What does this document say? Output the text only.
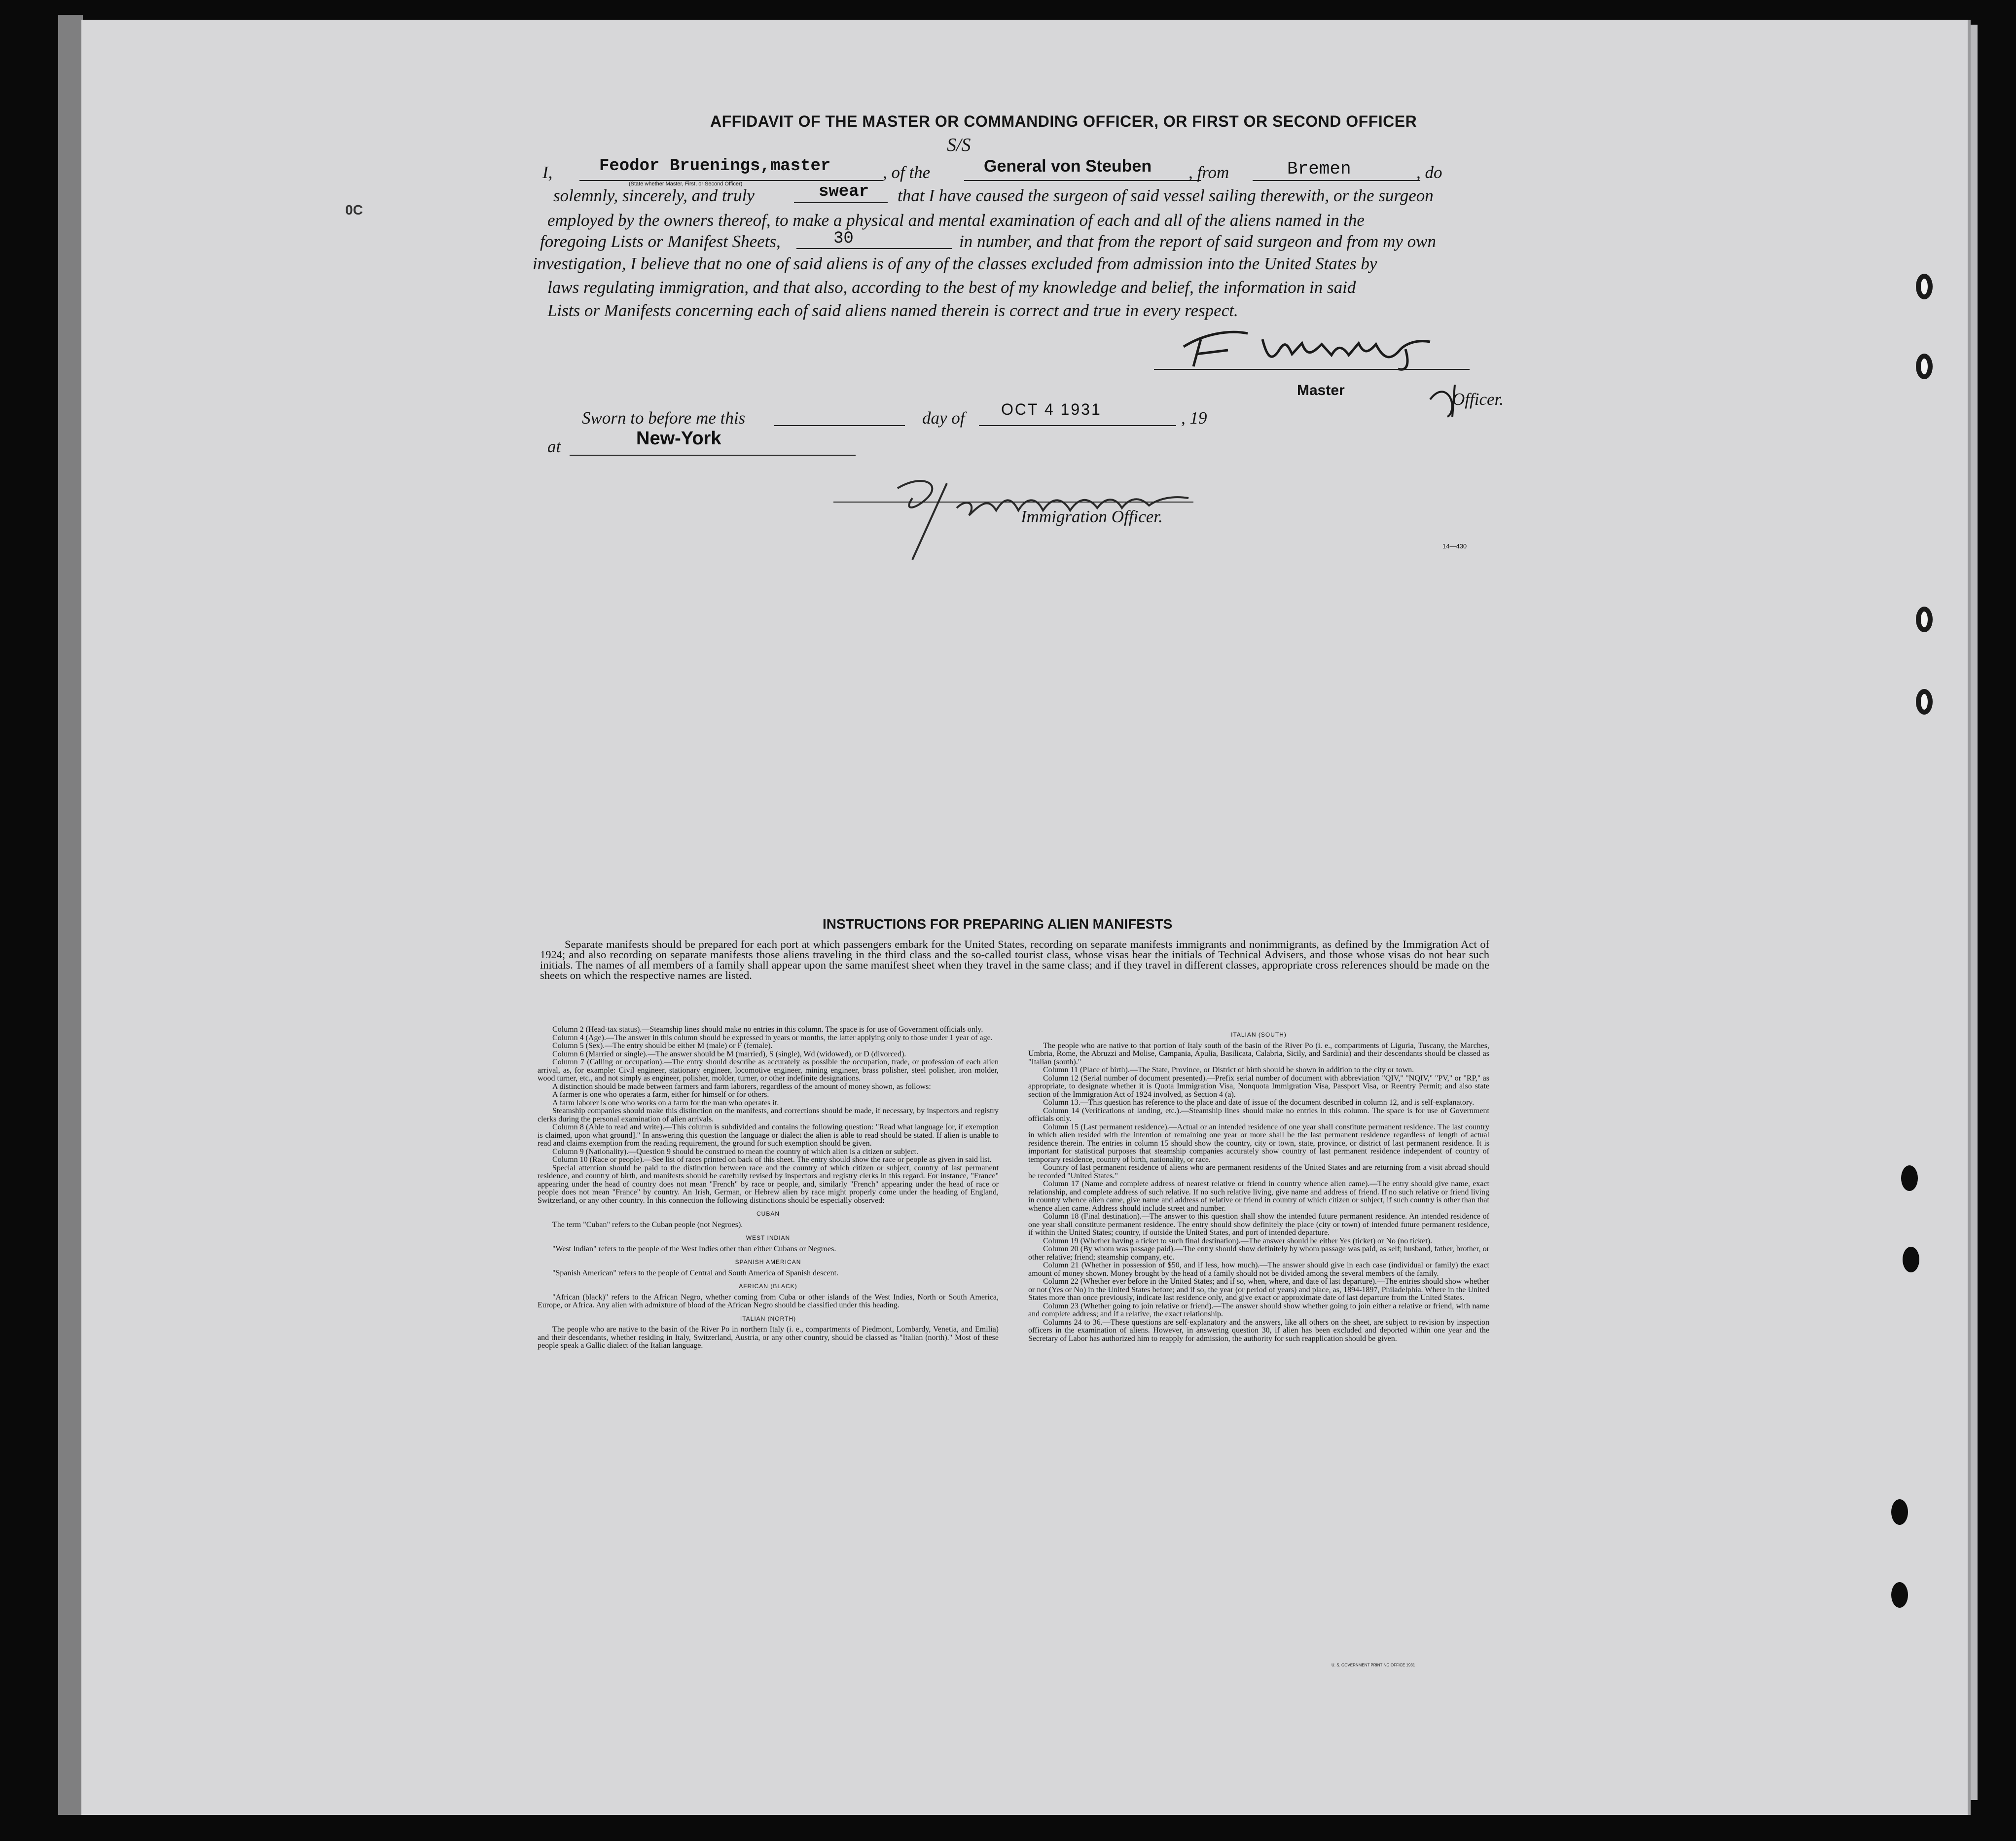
0C
AFFIDAVIT OF THE MASTER OR COMMANDING OFFICER, OR FIRST OR SECOND OFFICER
I,	Feodor Bruenings,master
(State whether Master, First, or Second Officer)
, of the
S/S
General von Steuben , from	Bremen	, do
solemnly, sincerely, and truly	swear that I have caused the surgeon of said vessel sailing therewith, or the surgeon
employed by the owners thereof, to make a physical and mental examination of each and all of the aliens named in the
foregoing Lists or Manifest Sheets,	30	in number, and that from the report of said surgeon and from my own
investigation, I believe that no one of said aliens is of any of the classes excluded from admission into the United States by
laws regulating immigration, and that also, according to the best of my knowledge and belief, the information in said
Lists or Manifests concerning each of said aliens named therein is correct and true in every respect.
Master	Officer.
Sworn to before me this	day of OCT 4 1931	, 19
at	New-York
Immigration Officer.
14—430
INSTRUCTIONS FOR PREPARING ALIEN MANIFESTS
Separate manifests should be prepared for each port at which passengers embark for the United States, recording on separate manifests immigrants and nonimmigrants, as defined by the Immigration Act of 1924; and also recording on separate manifests those aliens traveling in the third class and the so-called tourist class, whose visas bear the initials of Technical Advisers, and those whose visas do not bear such initials. The names of all members of a family shall appear upon the same manifest sheet when they travel in the same class; and if they travel in different classes, appropriate cross references should be made on the sheets on which the respective names are listed.

Column 2 (Head-tax status).—Steamship lines should make no entries in this column. The space is for use of Government officials only.

Column 4 (Age).—The answer in this column should be expressed in years or months, the latter applying only to those under 1 year of age.

Column 5 (Sex).—The entry should be either M (male) or F (female).

Column 6 (Married or single).—The answer should be M (married), S (single), Wd (widowed), or D (divorced).

Column 7 (Calling or occupation).—The entry should describe as accurately as possible the occupation, trade, or profession of each alien arrival, as, for example: Civil engineer, stationary engineer, locomotive engineer, mining engineer, brass polisher, steel polisher, iron molder, wood turner, etc., and not simply as engineer, polisher, molder, turner, or other indefinite designations.

A distinction should be made between farmers and farm laborers, regardless of the amount of money shown, as follows:

A farmer is one who operates a farm, either for himself or for others.

A farm laborer is one who works on a farm for the man who operates it.

Steamship companies should make this distinction on the manifests, and corrections should be made, if necessary, by inspectors and registry clerks during the personal examination of alien arrivals.

Column 8 (Able to read and write).—This column is subdivided and contains the following question: "Read what language [or, if exemption is claimed, upon what ground]." In answering this question the language or dialect the alien is able to read should be stated. If alien is unable to read and claims exemption from the reading requirement, the ground for such exemption should be given.

Column 9 (Nationality).—Question 9 should be construed to mean the country of which alien is a citizen or subject.

Column 10 (Race or people).—See list of races printed on back of this sheet. The entry should show the race or people as given in said list.

Special attention should be paid to the distinction between race and the country of which citizen or subject, country of last permanent residence, and country of birth, and manifests should be carefully revised by inspectors and registry clerks in this regard. For instance, "France" appearing under the head of country does not mean "French" by race or people, and, similarly "French" appearing under the head of race or people does not mean "France" by country. An Irish, German, or Hebrew alien by race might properly come under the heading of England, Switzerland, or any other country. In this connection the following distinctions should be especially observed:

CUBAN

The term "Cuban" refers to the Cuban people (not Negroes).

WEST INDIAN

"West Indian" refers to the people of the West Indies other than either Cubans or Negroes.

SPANISH AMERICAN

"Spanish American" refers to the people of Central and South America of Spanish descent.

AFRICAN (BLACK)

"African (black)" refers to the African Negro, whether coming from Cuba or other islands of the West Indies, North or South America, Europe, or Africa. Any alien with admixture of blood of the African Negro should be classified under this heading.

ITALIAN (NORTH)

The people who are native to the basin of the River Po in northern Italy (i. e., compartments of Piedmont, Lombardy, Venetia, and Emilia) and their descendants, whether residing in Italy, Switzerland, Austria, or any other country, should be classed as "Italian (north)." Most of these people speak a Gallic dialect of the Italian language.

ITALIAN (SOUTH)

The people who are native to that portion of Italy south of the basin of the River Po (i. e., compartments of Liguria, Tuscany, the Marches, Umbria, Rome, the Abruzzi and Molise, Campania, Apulia, Basilicata, Calabria, Sicily, and Sardinia) and their descendants should be classed as "Italian (south)."

Column 11 (Place of birth).—The State, Province, or District of birth should be shown in addition to the city or town.

Column 12 (Serial number of document presented).—Prefix serial number of document with abbreviation "QIV," "NQIV," "PV," or "RP," as appropriate, to designate whether it is Quota Immigration Visa, Nonquota Immigration Visa, Passport Visa, or Reentry Permit; and also state section of the Immigration Act of 1924 involved, as Section 4 (a).

Column 13.—This question has reference to the place and date of issue of the document described in column 12, and is self-explanatory.

Column 14 (Verifications of landing, etc.).—Steamship lines should make no entries in this column. The space is for use of Government officials only.

Column 15 (Last permanent residence).—Actual or an intended residence of one year shall constitute permanent residence. The last country in which alien resided with the intention of remaining one year or more shall be the last permanent residence regardless of length of actual residence therein. The entries in column 15 should show the country, city or town, state, province, or district of last permanent residence. It is important for statistical purposes that steamship companies accurately show country of last permanent residence independent of country of temporary residence, country of birth, nationality, or race.

Country of last permanent residence of aliens who are permanent residents of the United States and are returning from a visit abroad should be recorded "United States."

Column 17 (Name and complete address of nearest relative or friend in country whence alien came).—The entry should give name, exact relationship, and complete address of such relative. If no such relative living, give name and address of friend. If no such relative or friend living in country whence alien came, give name and address of relative or friend in country of which citizen or subject, if such country is other than that whence alien came. Address should include street and number.

Column 18 (Final destination).—The answer to this question shall show the intended future permanent residence. An intended residence of one year shall constitute permanent residence. The entry should show definitely the place (city or town) of intended future permanent residence, if within the United States; country, if outside the United States, and port of intended departure.

Column 19 (Whether having a ticket to such final destination).—The answer should be either Yes (ticket) or No (no ticket).

Column 20 (By whom was passage paid).—The entry should show definitely by whom passage was paid, as self; husband, father, brother, or other relative; friend; steamship company, etc.

Column 21 (Whether in possession of $50, and if less, how much).—The answer should give in each case (individual or family) the exact amount of money shown. Money brought by the head of a family should not be divided among the several members of the family.

Column 22 (Whether ever before in the United States; and if so, when, where, and date of last departure).—The entries should show whether or not (Yes or No) in the United States before; and if so, the year (or period of years) and place, as, 1894-1897, Philadelphia. Where in the United States more than once previously, indicate last residence only, and give exact or approximate date of last departure from the United States.

Column 23 (Whether going to join relative or friend).—The answer should show whether going to join either a relative or friend, with name and complete address; and if a relative, the exact relationship.

Columns 24 to 36.—These questions are self-explanatory and the answers, like all others on the sheet, are subject to revision by inspection officers in the examination of aliens. However, in answering question 30, if alien has been excluded and deported within one year and the Secretary of Labor has authorized him to reapply for admission, the authority for such reapplication should be given.

U. S. GOVERNMENT PRINTING OFFICE 1931
